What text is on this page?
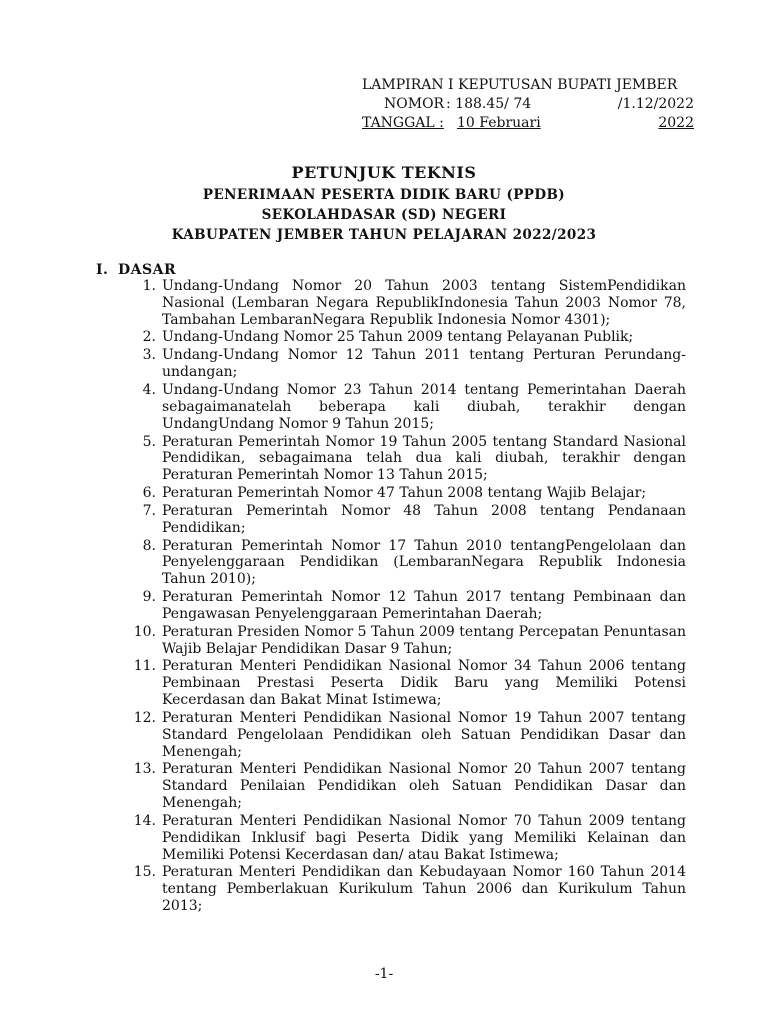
LAMPIRAN I KEPUTUSAN BUPATI JEMBER
NOMOR : 188.45/ 74	/1.12/2022
TANGGAL : 10 Februari	2022
PETUNJUK TEKNIS
PENERIMAAN PESERTA DIDIK BARU (PPDB)
SEKOLAHDASAR (SD) NEGERI
KABUPATEN JEMBER TAHUN PELAJARAN 2022/2023
I. DASAR
1. Undang-Undang Nomor 20 Tahun 2003 tentang SistemPendidikan Nasional (Lembaran Negara RepublikIndonesia Tahun 2003 Nomor 78, Tambahan LembaranNegara Republik Indonesia Nomor 4301);
2. Undang-Undang Nomor 25 Tahun 2009 tentang Pelayanan Publik;
3. Undang-Undang Nomor 12 Tahun 2011 tentang Perturan Perundang-undangan;
4. Undang-Undang Nomor 23 Tahun 2014 tentang Pemerintahan Daerah sebagaimanatelah beberapa kali diubah, terakhir dengan UndangUndang Nomor 9 Tahun 2015;
5. Peraturan Pemerintah Nomor 19 Tahun 2005 tentang Standard Nasional Pendidikan, sebagaimana telah dua kali diubah, terakhir dengan Peraturan Pemerintah Nomor 13 Tahun 2015;
6. Peraturan Pemerintah Nomor 47 Tahun 2008 tentang Wajib Belajar;
7. Peraturan Pemerintah Nomor 48 Tahun 2008 tentang Pendanaan Pendidikan;
8. Peraturan Pemerintah Nomor 17 Tahun 2010 tentangPengelolaan dan Penyelenggaraan Pendidikan (LembaranNegara Republik Indonesia Tahun 2010);
9. Peraturan Pemerintah Nomor 12 Tahun 2017 tentang Pembinaan dan Pengawasan Penyelenggaraan Pemerintahan Daerah;
10. Peraturan Presiden Nomor 5 Tahun 2009 tentang Percepatan Penuntasan Wajib Belajar Pendidikan Dasar 9 Tahun;
11. Peraturan Menteri Pendidikan Nasional Nomor 34 Tahun 2006 tentang Pembinaan Prestasi Peserta Didik Baru yang Memiliki Potensi Kecerdasan dan Bakat Minat Istimewa;
12. Peraturan Menteri Pendidikan Nasional Nomor 19 Tahun 2007 tentang Standard Pengelolaan Pendidikan oleh Satuan Pendidikan Dasar dan Menengah;
13. Peraturan Menteri Pendidikan Nasional Nomor 20 Tahun 2007 tentang Standard Penilaian Pendidikan oleh Satuan Pendidikan Dasar dan Menengah;
14. Peraturan Menteri Pendidikan Nasional Nomor 70 Tahun 2009 tentang Pendidikan Inklusif bagi Peserta Didik yang Memiliki Kelainan dan Memiliki Potensi Kecerdasan dan/ atau Bakat Istimewa;
15. Peraturan Menteri Pendidikan dan Kebudayaan Nomor 160 Tahun 2014 tentang Pemberlakuan Kurikulum Tahun 2006 dan Kurikulum Tahun 2013;
-1-
